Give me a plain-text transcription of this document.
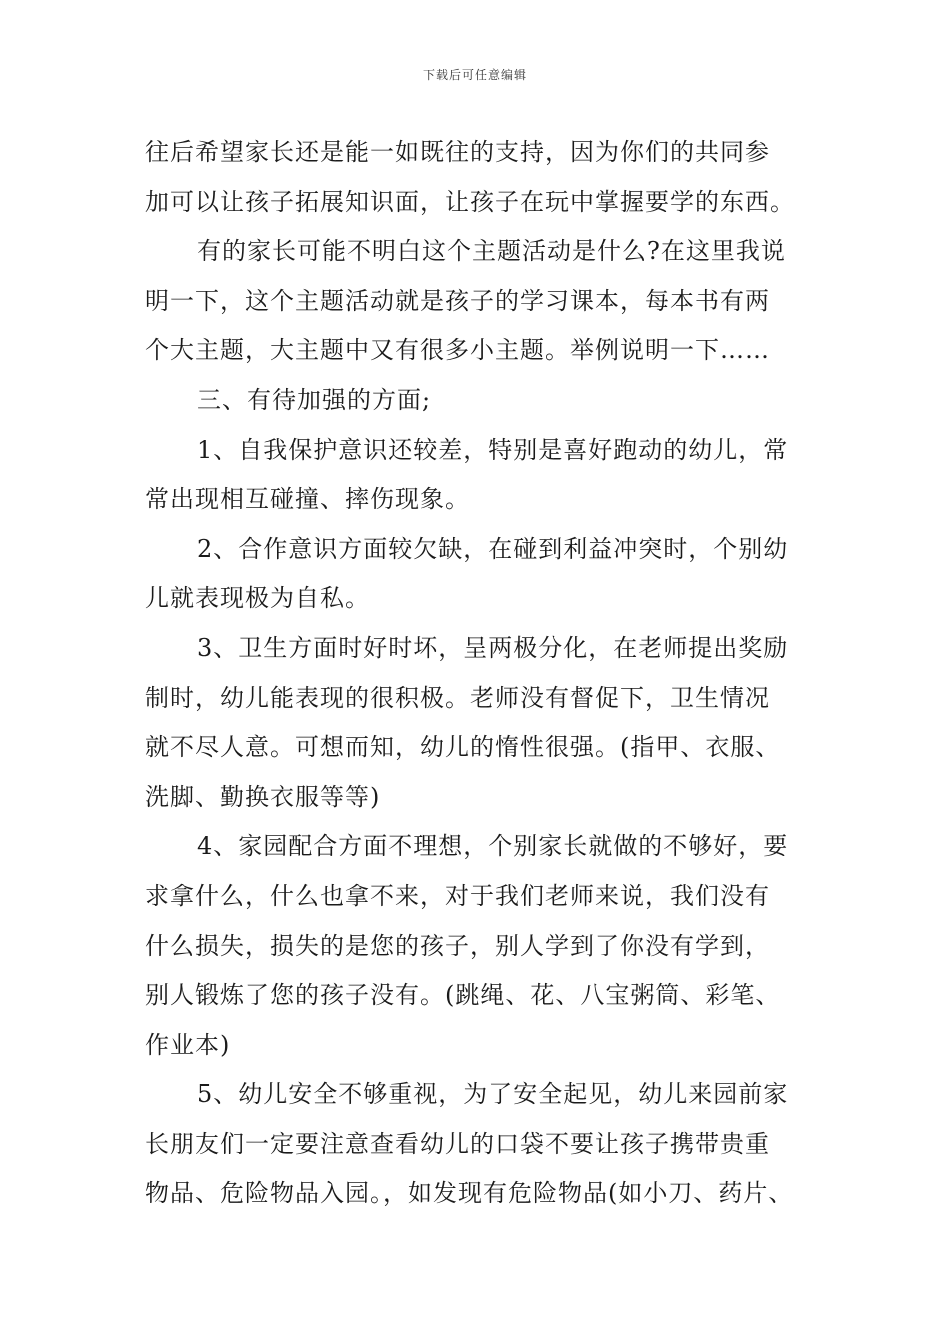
下载后可任意编辑
往后希望家长还是能一如既往的支持，因为你们的共同参
加可以让孩子拓展知识面，让孩子在玩中掌握要学的东西。
有的家长可能不明白这个主题活动是什么?在这里我说
明一下，这个主题活动就是孩子的学习课本，每本书有两
个大主题，大主题中又有很多小主题。举例说明一下……
三、有待加强的方面;
1、自我保护意识还较差，特别是喜好跑动的幼儿，常
常出现相互碰撞、摔伤现象。
2、合作意识方面较欠缺，在碰到利益冲突时，个别幼
儿就表现极为自私。
3、卫生方面时好时坏，呈两极分化，在老师提出奖励
制时，幼儿能表现的很积极。老师没有督促下，卫生情况
就不尽人意。可想而知，幼儿的惰性很强。(指甲、衣服、
洗脚、勤换衣服等等)
4、家园配合方面不理想，个别家长就做的不够好，要
求拿什么，什么也拿不来，对于我们老师来说，我们没有
什么损失，损失的是您的孩子，别人学到了你没有学到，
别人锻炼了您的孩子没有。(跳绳、花、八宝粥筒、彩笔、
作业本)
5、幼儿安全不够重视，为了安全起见，幼儿来园前家
长朋友们一定要注意查看幼儿的口袋不要让孩子携带贵重
物品、危险物品入园。，如发现有危险物品(如小刀、药片、
